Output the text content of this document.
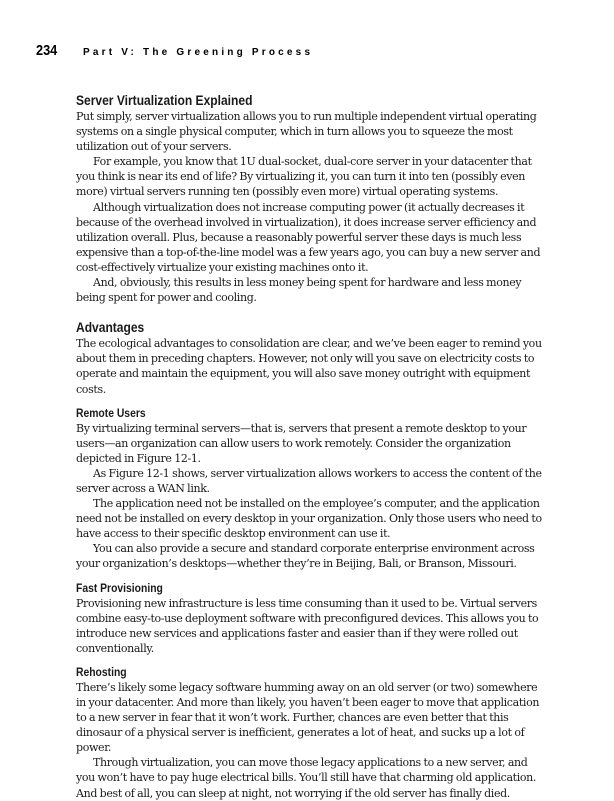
234	Part V: The Greening Process
Server Virtualization Explained

Put simply, server virtualization allows you to run multiple independent virtual operating systems on a single physical computer, which in turn allows you to squeeze the most utilization out of your servers.

For example, you know that 1U dual-socket, dual-core server in your datacenter that you think is near its end of life? By virtualizing it, you can turn it into ten (possibly even more) virtual servers running ten (possibly even more) virtual operating systems.

Although virtualization does not increase computing power (it actually decreases it because of the overhead involved in virtualization), it does increase server efficiency and utilization overall. Plus, because a reasonably powerful server these days is much less expensive than a top-of-the-line model was a few years ago, you can buy a new server and cost-effectively virtualize your existing machines onto it.

And, obviously, this results in less money being spent for hardware and less money being spent for power and cooling.

Advantages

The ecological advantages to consolidation are clear, and we’ve been eager to remind you about them in preceding chapters. However, not only will you save on electricity costs to operate and maintain the equipment, you will also save money outright with equipment costs.

Remote Users

By virtualizing terminal servers—that is, servers that present a remote desktop to your users—an organization can allow users to work remotely. Consider the organization depicted in Figure 12-1.

As Figure 12-1 shows, server virtualization allows workers to access the content of the server across a WAN link.

The application need not be installed on the employee’s computer, and the application need not be installed on every desktop in your organization. Only those users who need to have access to their specific desktop environment can use it.

You can also provide a secure and standard corporate enterprise environment across your organization’s desktops—whether they’re in Beijing, Bali, or Branson, Missouri.

Fast Provisioning

Provisioning new infrastructure is less time consuming than it used to be. Virtual servers combine easy-to-use deployment software with preconfigured devices. This allows you to introduce new services and applications faster and easier than if they were rolled out conventionally.

Rehosting

There’s likely some legacy software humming away on an old server (or two) somewhere in your datacenter. And more than likely, you haven’t been eager to move that application to a new server in fear that it won’t work. Further, chances are even better that this dinosaur of a physical server is inefficient, generates a lot of heat, and sucks up a lot of power.

Through virtualization, you can move those legacy applications to a new server, and you won’t have to pay huge electrical bills. You’ll still have that charming old application. And best of all, you can sleep at night, not worrying if the old server has finally died.
